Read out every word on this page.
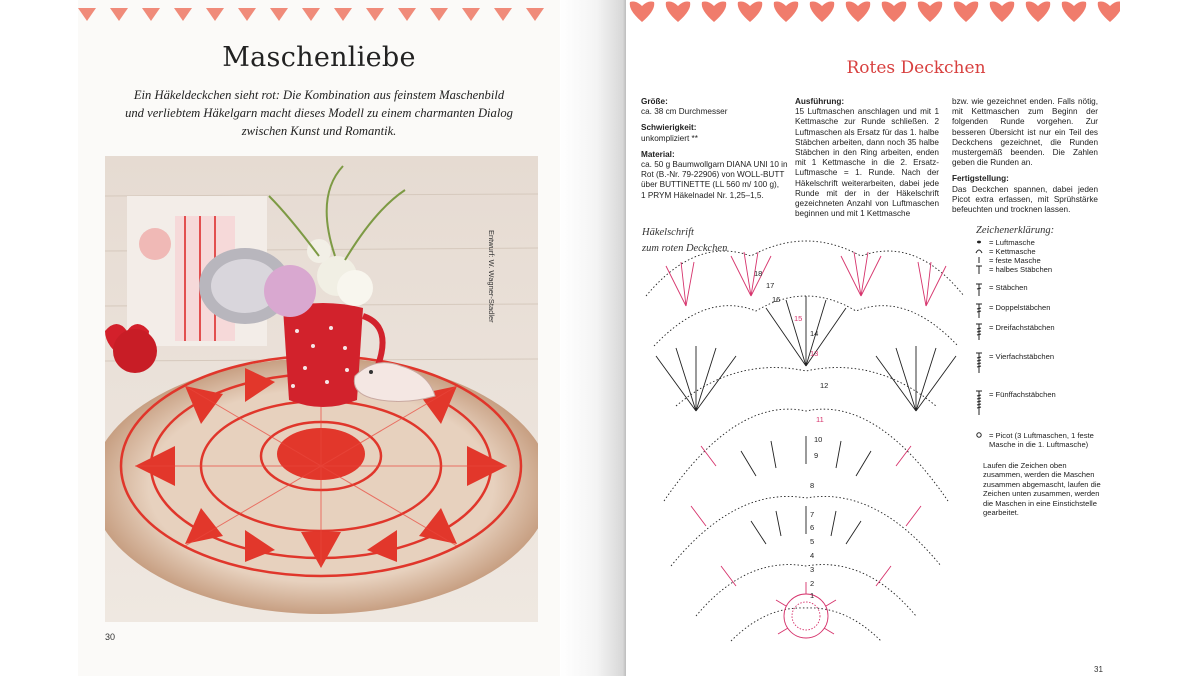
Maschenliebe
Ein Häkeldeckchen sieht rot: Die Kombination aus feinstem Maschenbild
und verliebtem Häkelgarn macht dieses Modell zu einem charmanten Dialog
zwischen Kunst und Romantik.
Entwurf: W. Wagner-Stadler
30
Rotes Deckchen
Größe:
ca. 38 cm Durchmesser
Schwierigkeit:
unkompliziert **
Material:
ca. 50 g Baumwollgarn DIANA UNI 10 in
Rot (B.-Nr. 79-22906) von WOLL-BUTT
über BUTTINETTE (LL 560 m/ 100 g),
1 PRYM Häkelnadel Nr. 1,25–1,5.
Ausführung:
15 Luftmaschen anschlagen und mit 1 Kettmasche zur Runde schließen. 2 Luftmaschen als Ersatz für das 1. halbe Stäbchen arbeiten, dann noch 35 halbe Stäbchen in den Ring arbeiten, enden mit 1 Kettmasche in die 2. Ersatz-Luftmasche = 1. Runde. Nach der Häkelschrift weiterarbeiten, dabei jede Runde mit der in der Häkelschrift gezeichneten Anzahl von Luftmaschen beginnen und mit 1 Kettmasche
bzw. wie gezeichnet enden. Falls nötig, mit Kettmaschen zum Beginn der folgenden Runde vorgehen. Zur besseren Übersicht ist nur ein Teil des Deckchens gezeichnet, die Runden mustergemäß beenden. Die Zahlen geben die Runden an.
Fertigstellung:
Das Deckchen spannen, dabei jeden Picot extra erfassen, mit Sprühstärke befeuchten und trocknen lassen.
Häkelschrift
zum roten Deckchen
1
2
3
4
5
6
7
8
9
10
11
12
13
14
15
16
17
18
Zeichenerklärung:
= Luftmasche
= Kettmasche
= feste Masche
= halbes Stäbchen
= Stäbchen
= Doppelstäbchen
= Dreifachstäbchen
= Vierfachstäbchen
= Fünffachstäbchen
= Picot (3 Luftmaschen, 1 feste Masche in die 1. Luftmasche)
Laufen die Zeichen oben zusammen, werden die Maschen zusammen abgemascht, laufen die Zeichen unten zusammen, werden die Maschen in eine Einstichstelle gearbeitet.
31
